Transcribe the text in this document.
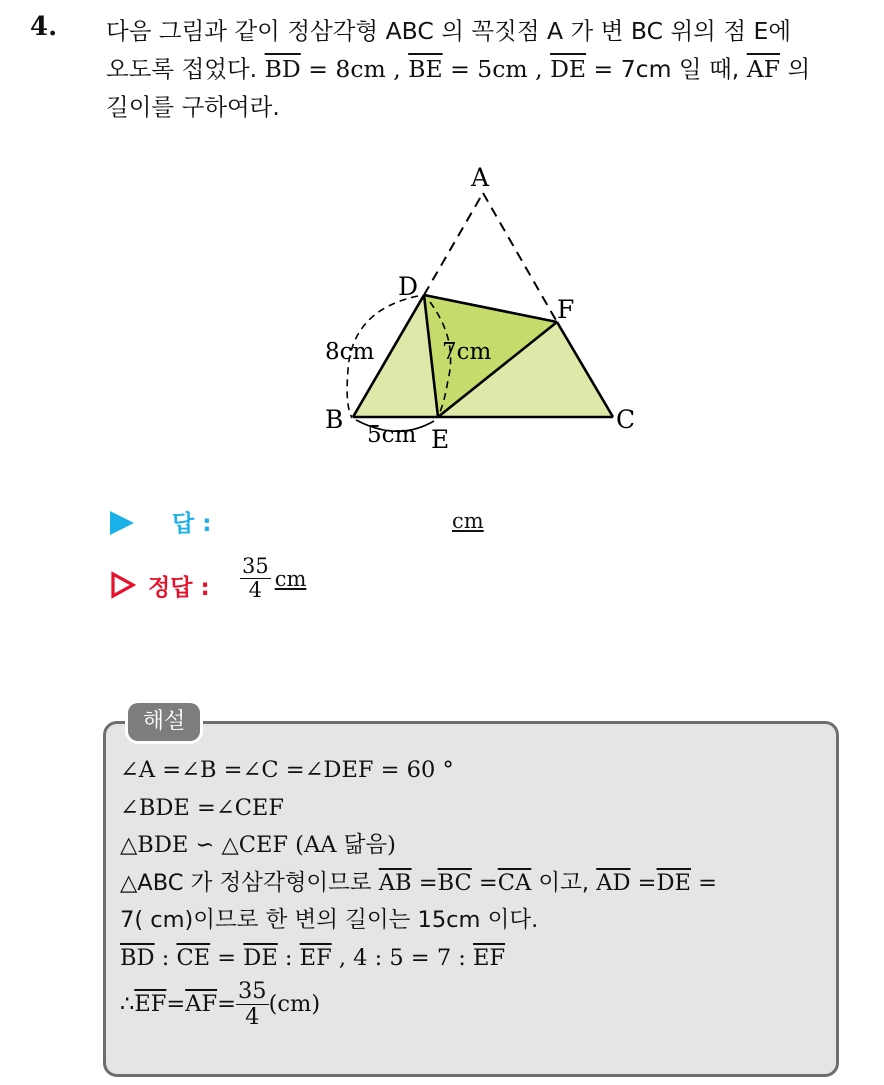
4. 다음 그림과 같이 정삼각형 ABC 의 꼭짓점 A 가 변 BC 위의 점 E에
오도록 접었다. $\overline{BD} = 8cm$ , $\overline{BE} = 5cm$ , $\overline{DE} = 7cm$ 일 때, $\overline{AF}$ 의
길이를 구하여라.
A
D
F
B	C
E
8cm	7cm
5cm
답 :	cm
정답 : $\frac{35}{4}$ cm
해설
∠A =∠B =∠C =∠DEF = 60 °
∠BDE =∠CEF
△BDE ∽ △CEF (AA 닮음)
△ABC 가 정삼각형이므로 $\overline{AB} =\overline{BC} =\overline{CA}$ 이고, $\overline{AD} =\overline{DE}$ =
7( cm)이므로 한 변의 길이는 15cm 이다.
$\overline{BD}$ : $\overline{CE} = \overline{DE}$ : $\overline{EF}$ , 4 : 5 = 7 : $\overline{EF}$
∴ $\overline{EF} = \overline{AF} = \frac{35}{4} (cm)$
